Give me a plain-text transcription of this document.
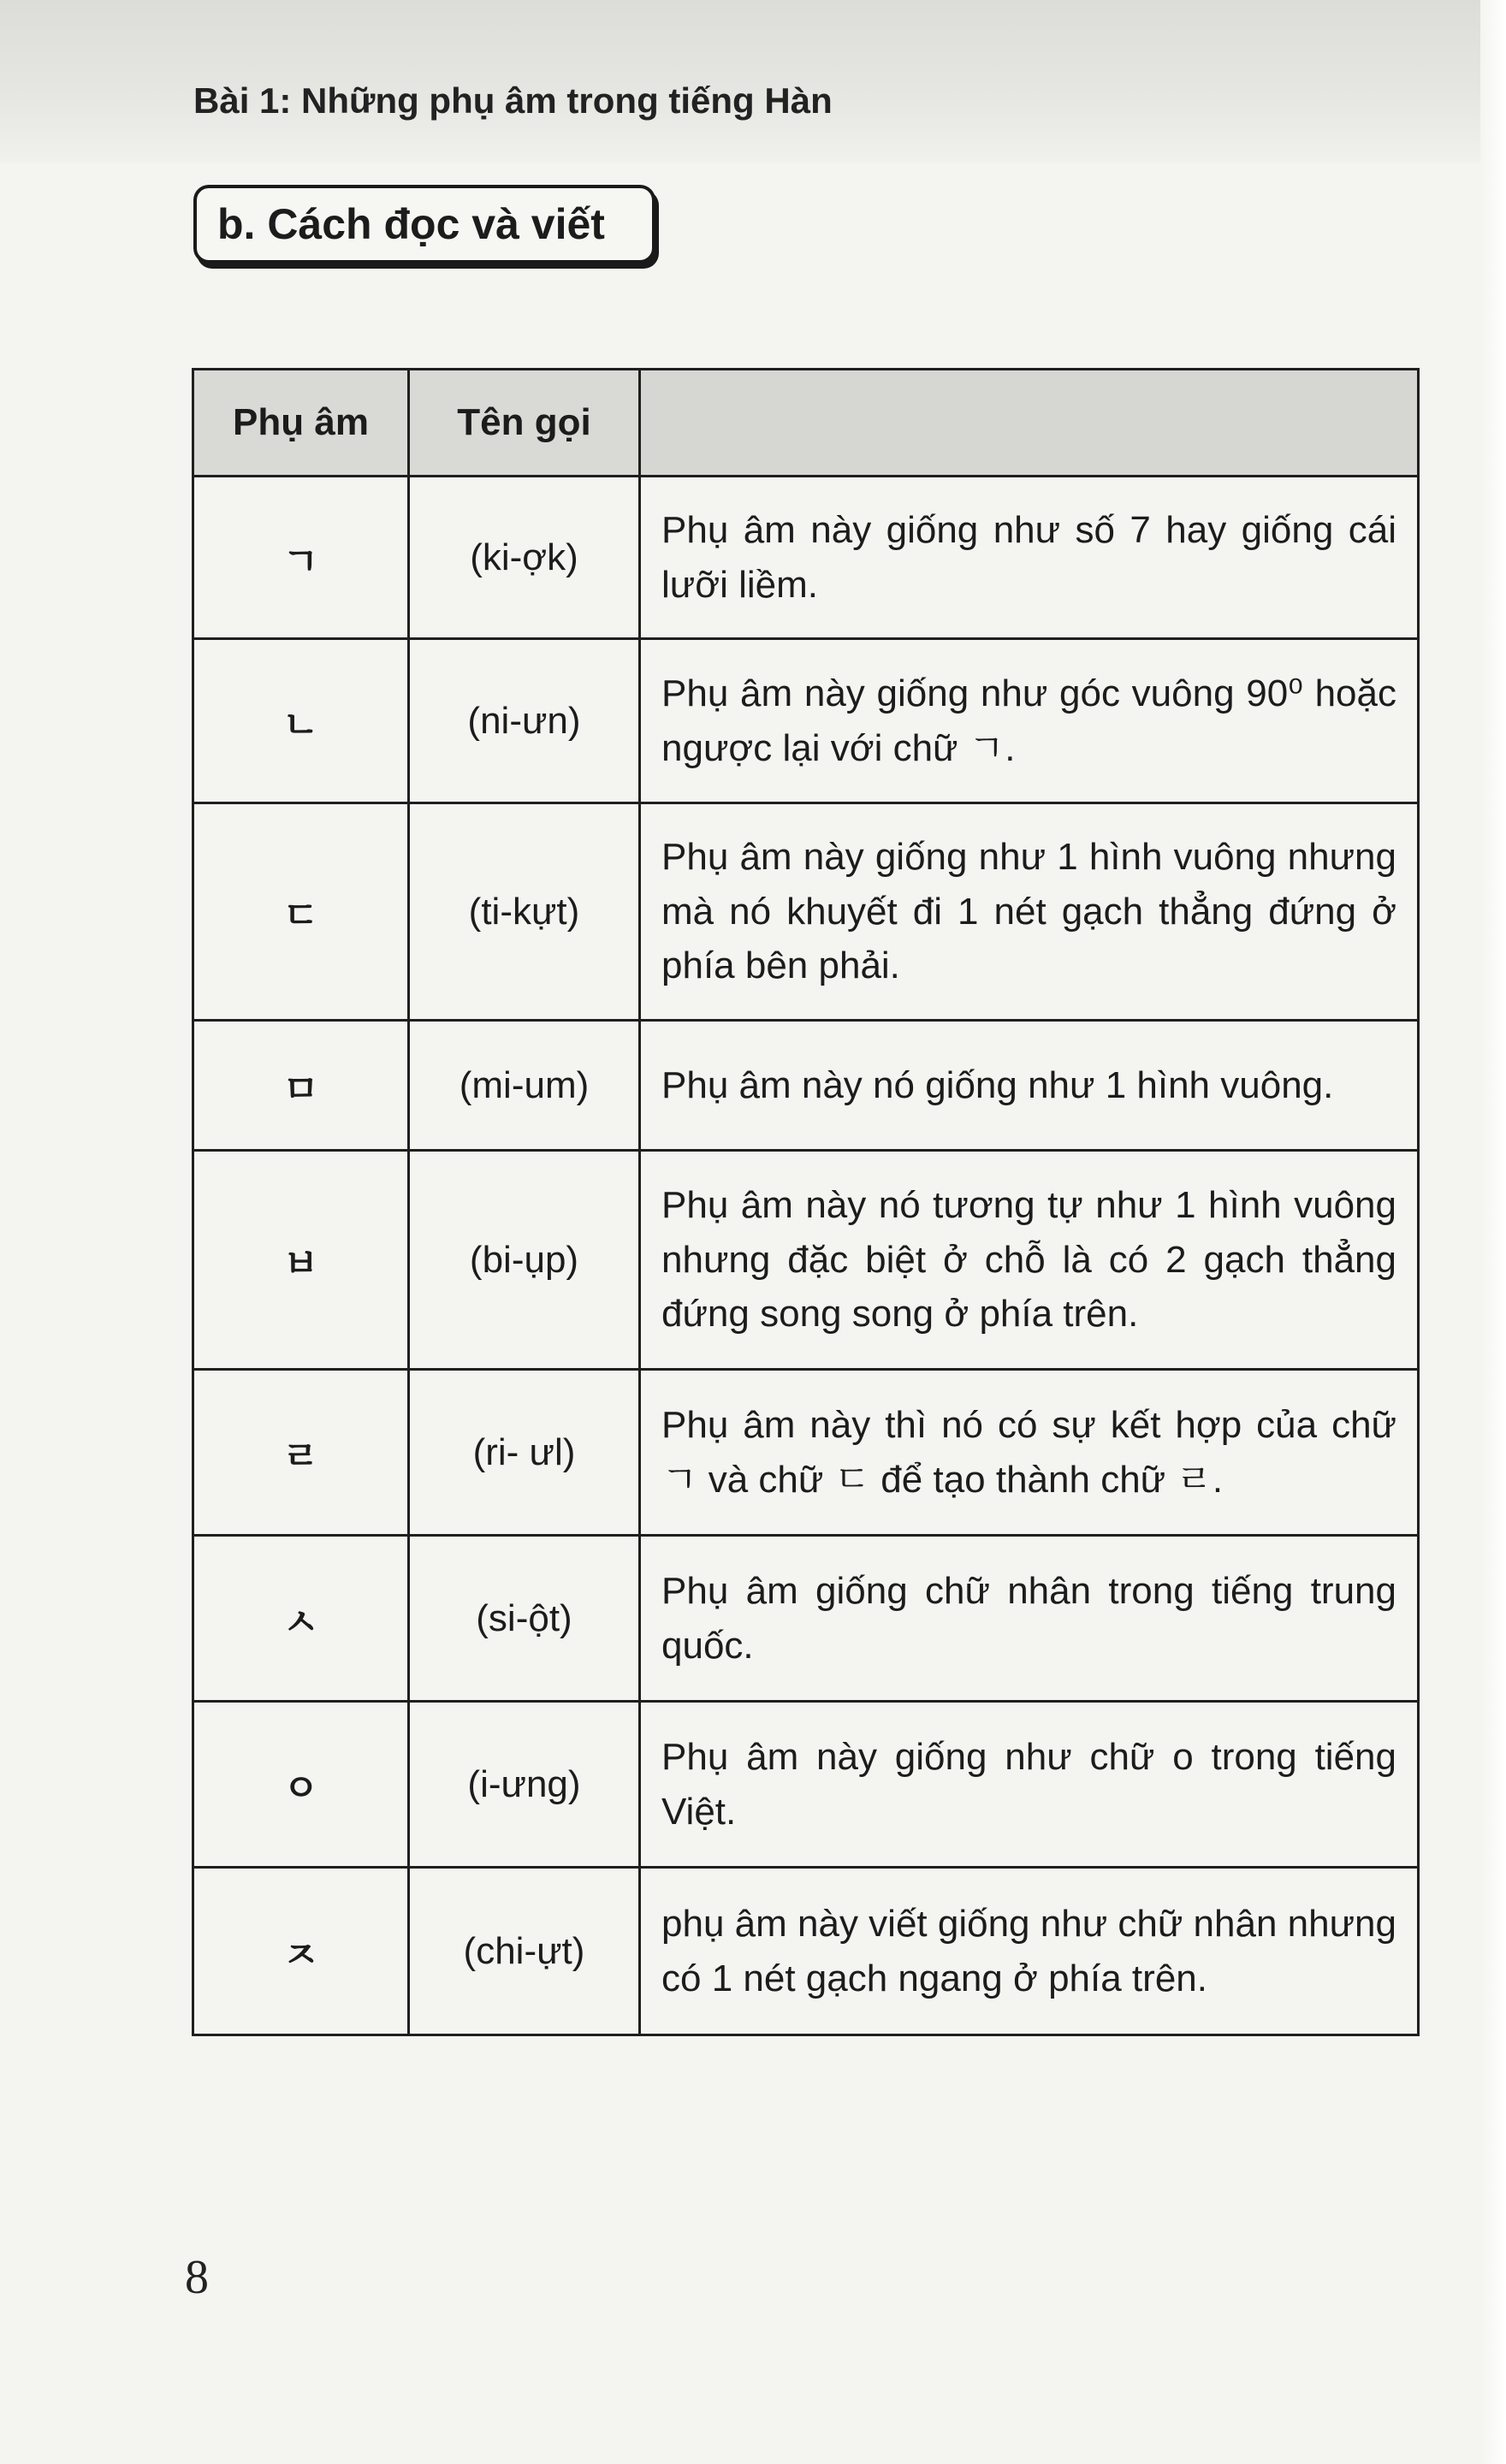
Bài 1: Những phụ âm trong tiếng Hàn
b. Cách đọc và viết
Phụ âm	Tên gọi	
ㄱ	(ki-ợk)	Phụ âm này giống như số 7 hay giống cái lưỡi liềm.
ㄴ	(ni-ưn)	Phụ âm này giống như góc vuông 90⁰ hoặc ngược lại với chữ ㄱ.
ㄷ	(ti-kựt)	Phụ âm này giống như 1 hình vuông nhưng mà nó khuyết đi 1 nét gạch thẳng đứng ở phía bên phải.
ㅁ	(mi-um)	Phụ âm này nó giống như 1 hình vuông.
ㅂ	(bi-ụp)	Phụ âm này nó tương tự như 1 hình vuông nhưng đặc biệt ở chỗ là có 2 gạch thẳng đứng song song ở phía trên.
ㄹ	(ri- ưl)	Phụ âm này thì nó có sự kết hợp của chữ ㄱ và chữ ㄷ để tạo thành chữ ㄹ.
ㅅ	(si-ột)	Phụ âm giống chữ nhân trong tiếng trung quốc.
ㅇ	(i-ưng)	Phụ âm này giống như chữ o trong tiếng Việt.
ㅈ	(chi-ựt)	phụ âm này viết giống như chữ nhân nhưng có 1 nét gạch ngang ở phía trên.
8
